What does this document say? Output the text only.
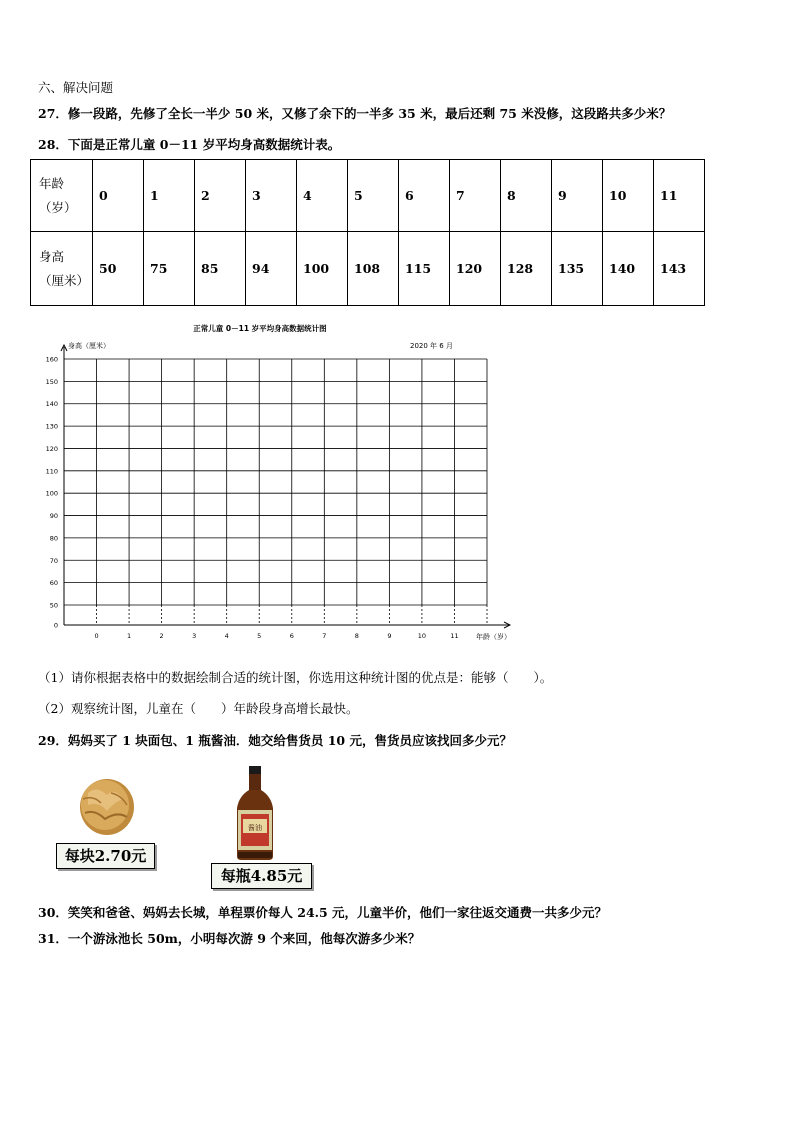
六、解决问题
27．修一段路，先修了全长一半少 50 米，又修了余下的一半多 35 米，最后还剩 75 米没修，这段路共多少米？
28．下面是正常儿童 0－11 岁平均身高数据统计表。
年龄
（岁）	0	1	2	3	4	5	6	7	8	9	10	11

身高
（厘米）	50	75	85	94	100	108	115	120	128	135	140	143
正常儿童 0－11 岁平均身高数据统计图
2020 年 6 月
身高（厘米）
年龄（岁）
0
50
60
70
80
90
100
110
120
130
140
150
160
0	1	2	3	4	5	6	7	8	9	10	11
（1）请你根据表格中的数据绘制合适的统计图，你选用这种统计图的优点是：能够（　　）。
（2）观察统计图，儿童在（　　）年龄段身高增长最快。
29．妈妈买了 1 块面包、1 瓶酱油．她交给售货员 10 元，售货员应该找回多少元？
每块2.70元
酱油
每瓶4.85元
30．笑笑和爸爸、妈妈去长城，单程票价每人 24.5 元，儿童半价，他们一家往返交通费一共多少元？
31．一个游泳池长 50m，小明每次游 9 个来回，他每次游多少米？
